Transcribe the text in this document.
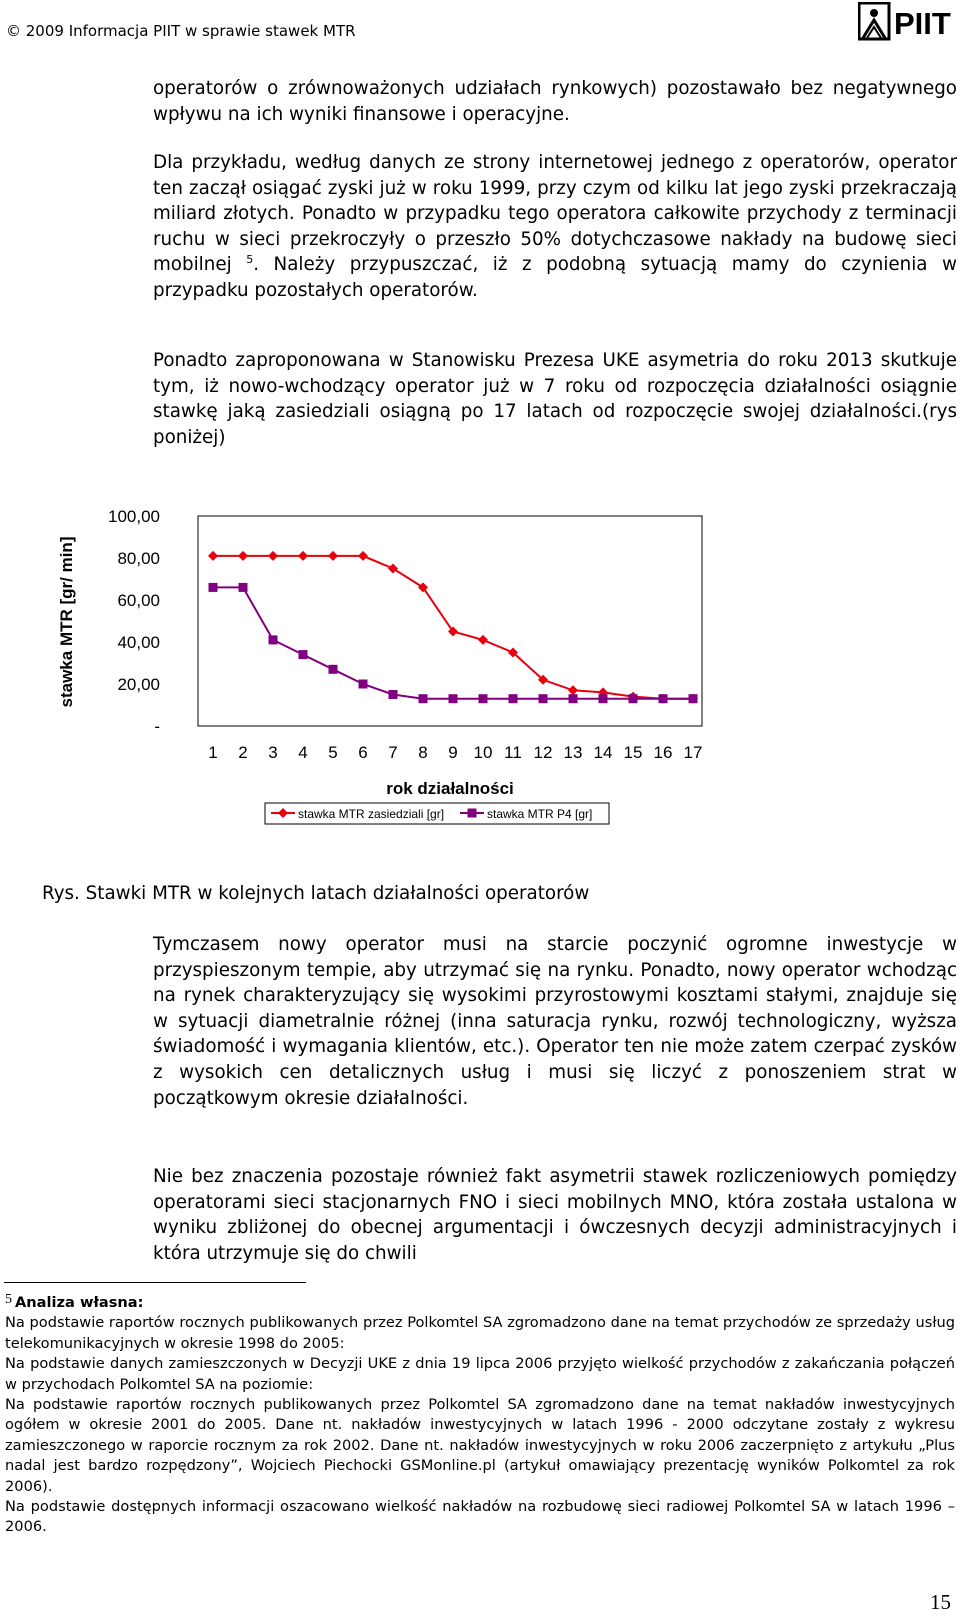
© 2009 Informacja PIIT w sprawie stawek MTR	PIIT

operatorów o zrównoważonych udziałach rynkowych) pozostawało bez negatywnego wpływu na ich wyniki finansowe i operacyjne.

Dla przykładu, według danych ze strony internetowej jednego z operatorów, operator ten zaczął osiągać zyski już w roku 1999, przy czym od kilku lat jego zyski przekraczają miliard złotych. Ponadto w przypadku tego operatora całkowite przychody z terminacji ruchu w sieci przekroczyły o przeszło 50% dotychczasowe nakłady na budowę sieci mobilnej $^5$. Należy przypuszczać, iż z podobną sytuacją mamy do czynienia w przypadku pozostałych operatorów.

Ponadto zaproponowana w Stanowisku Prezesa UKE asymetria do roku 2013 skutkuje tym, iż nowo-wchodzący operator już w 7 roku od rozpoczęcia działalności osiągnie stawkę jaką zasiedziali osiągną po 17 latach od rozpoczęcie swojej działalności.(rys poniżej)

stawka MTR [gr/ min]
rok działalności
100,00
80,00
60,00
40,00
20,00
-
1 2 3 4 5 6 7 8 9 10 11 12 13 14 15 16 17
stawka MTR zasiedziali [gr]	stawka MTR P4 [gr]
Rys. Stawki MTR w kolejnych latach działalności operatorów

Tymczasem nowy operator musi na starcie poczynić ogromne inwestycje w przyspieszonym tempie, aby utrzymać się na rynku. Ponadto, nowy operator wchodząc na rynek charakteryzujący się wysokimi przyrostowymi kosztami stałymi, znajduje się w sytuacji diametralnie różnej (inna saturacja rynku, rozwój technologiczny, wyższa świadomość i wymagania klientów, etc.). Operator ten nie może zatem czerpać zysków z wysokich cen detalicznych usług i musi się liczyć z ponoszeniem strat w początkowym okresie działalności.

Nie bez znaczenia pozostaje również fakt asymetrii stawek rozliczeniowych pomiędzy operatorami sieci stacjonarnych FNO i sieci mobilnych MNO, która została ustalona w wyniku zbliżonej do obecnej argumentacji i ówczesnych decyzji administracyjnych i która utrzymuje się do chwili

5 Analiza własna:

Na podstawie raportów rocznych publikowanych przez Polkomtel SA zgromadzono dane na temat przychodów ze sprzedaży usług telekomunikacyjnych w okresie 1998 do 2005:

Na podstawie danych zamieszczonych w Decyzji UKE z dnia 19 lipca 2006 przyjęto wielkość przychodów z zakańczania połączeń w przychodach Polkomtel SA na poziomie:

Na podstawie raportów rocznych publikowanych przez Polkomtel SA zgromadzono dane na temat nakładów inwestycyjnych ogółem w okresie 2001 do 2005. Dane nt. nakładów inwestycyjnych w latach 1996 - 2000 odczytane zostały z wykresu zamieszczonego w raporcie rocznym za rok 2002. Dane nt. nakładów inwestycyjnych w roku 2006 zaczerpnięto z artykułu „Plus nadal jest bardzo rozpędzony”, Wojciech Piechocki GSMonline.pl (artykuł omawiający prezentację wyników Polkomtel za rok 2006).

Na podstawie dostępnych informacji oszacowano wielkość nakładów na rozbudowę sieci radiowej Polkomtel SA w latach 1996 – 2006.

15
